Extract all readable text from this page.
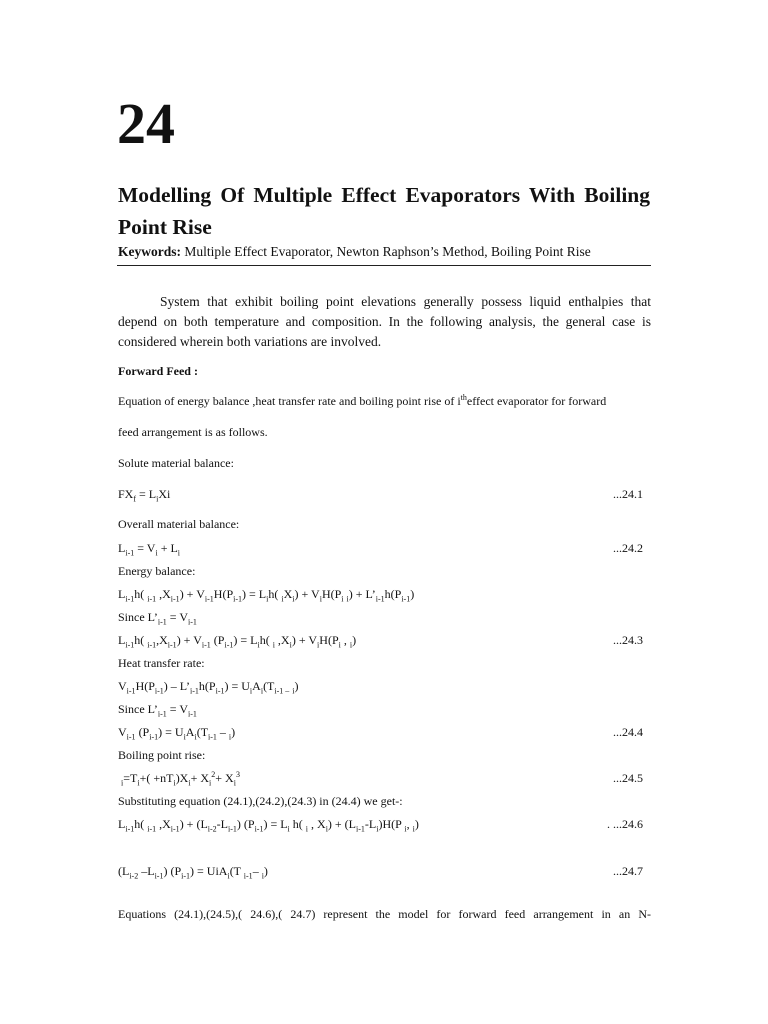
24
Modelling Of Multiple Effect Evaporators With Boiling Point Rise
Keywords: Multiple Effect Evaporator, Newton Raphson’s Method, Boiling Point Rise
System that exhibit boiling point elevations generally possess liquid enthalpies that depend on both temperature and composition. In the following analysis, the general case is considered wherein both variations are involved.
Forward Feed :
Equation of energy balance ,heat transfer rate and boiling point rise of $i^{th}effect$ evaporator for forward
feed arrangement is as follows.
Solute material balance:
$FX_f = L_iXi$	...24.1
Overall material balance:
$L_{i-1} = V_i + L_i$	...24.2
Energy balance:
$L_{i-1}h$( $_{i-1}$ $,X_{i-1}) + V_{i-1}H(P_{i-1}) = L_ih$( $_iX_i) + V_iH(P_i$ $_i) + L’_{i-1}h(P_{i-1})$
Since $L’_{i-1} = V_{i-1}$
$L_{i-1}h$( $_{i-1},X_{i-1}) + V_{i-1}$ $(P_{i-1}) = L_ih$( $_i$ $,X_i) + V_iH(P_i$ , $_i$)	...24.3
Heat transfer rate:
$V_{i-1}H(P_{i-1})$ – $L’_{i-1}h(P_{i-1}) = U_iA_i(T_{i-1 -}$ $_i$)
Since $L’_{i-1} = V_{i-1}$
$V_{i-1}$ $(P_{i-1}) = U_iA_i(T_{i-1} - _i)$	...24.4
Boiling point rise:
$_i=T_i+( +nT_i)X_i+ X_i^2+ X_i^3$	...24.5
Substituting equation (24.1),(24.2),(24.3) in (24.4) we get-:
$L_{i-1}h$( $_{i-1}$ $,X_{i-1}) + (L_{i-2}-L_{i-1})$ $(P_{i-1}) = L_i$ h( $_i$ , $X_i) + (L_{i-1}-L_i)H(P$ $_i$, $_i$)	. ...24.6
($L_{i-2}$ $-L_{i-1}$) $(P_{i-1}) = UiA_i(T$ $_{i-1}$– $_i$)	...24.7
Equations (24.1),(24.5),( 24.6),( 24.7) represent the model for forward feed arrangement in an N-
